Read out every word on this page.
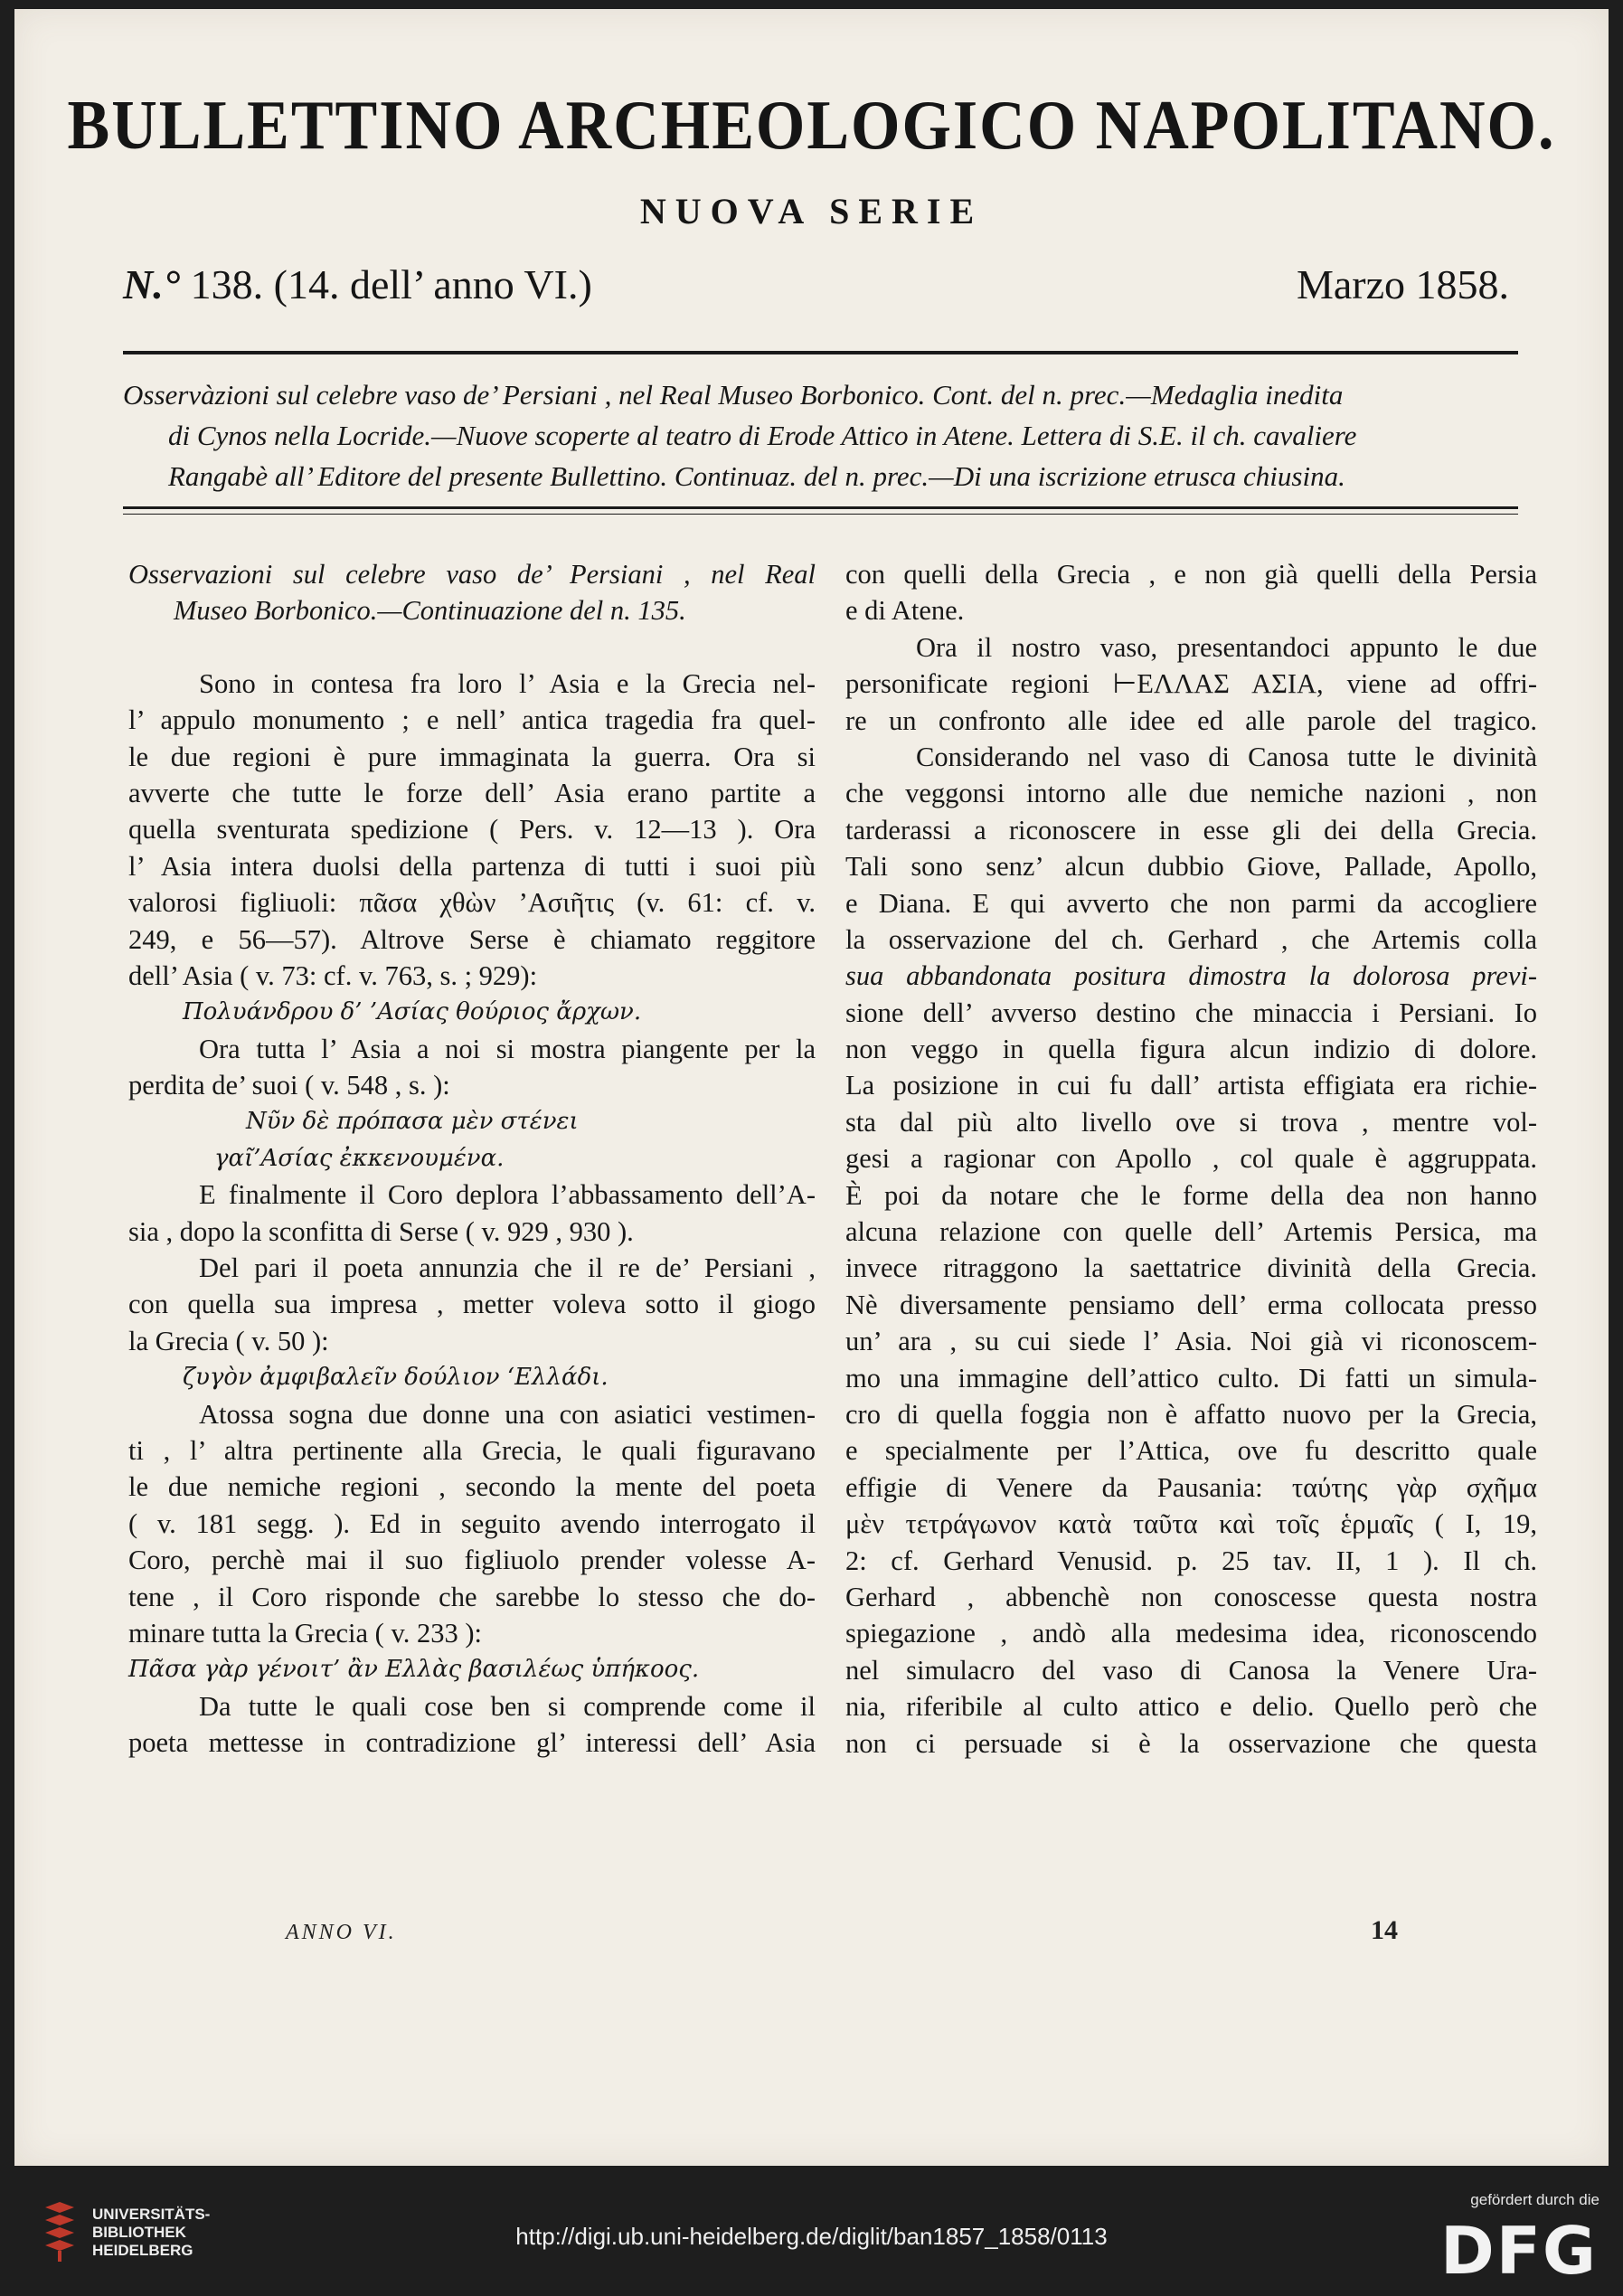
BULLETTINO ARCHEOLOGICO NAPOLITANO.
NUOVA SERIE
N.° 138. (14. dell’ anno VI.)	Marzo 1858.
Osservàzioni sul celebre vaso de’ Persiani , nel Real Museo Borbonico. Cont. del n. prec.—Medaglia inedita
di Cynos nella Locride.—Nuove scoperte al teatro di Erode Attico in Atene. Lettera di S.E. il ch. cavaliere
Rangabè all’ Editore del presente Bullettino. Continuaz. del n. prec.—Di una iscrizione etrusca chiusina.
Osservazioni sul celebre vaso de’ Persiani , nel Real
Museo Borbonico.—Continuazione del n. 135.
Sono in contesa fra loro l’ Asia e la Grecia nel-
l’ appulo monumento ; e nell’ antica tragedia fra quel-
le due regioni è pure immaginata la guerra. Ora si
avverte che tutte le forze dell’ Asia erano partite a
quella sventurata spedizione ( Pers. v. 12—13 ). Ora
l’ Asia intera duolsi della partenza di tutti i suoi più
valorosi figliuoli: πᾶσα χθὼν ’Ασιῆτις (v. 61: cf. v.
249, e 56—57). Altrove Serse è chiamato reggitore
dell’ Asia ( v. 73: cf. v. 763, s. ; 929):
Πολυάνδρου δ’ ’Ασίας θούριος ἄρχων.
Ora tutta l’ Asia a noi si mostra piangente per la
perdita de’ suoi ( v. 548 , s. ):
Νῦν δὲ πρόπασα μὲν στένει
γαῖ’Ασίας ἐκκενουμένα.
E finalmente il Coro deplora l’abbassamento dell’A-
sia , dopo la sconfitta di Serse ( v. 929 , 930 ).
Del pari il poeta annunzia che il re de’ Persiani ,
con quella sua impresa , metter voleva sotto il giogo
la Grecia ( v. 50 ):
ζυγὸν ἀμφιβαλεῖν δούλιον ‘Ελλάδι.
Atossa sogna due donne una con asiatici vestimen-
ti , l’ altra pertinente alla Grecia, le quali figuravano
le due nemiche regioni , secondo la mente del poeta
( v. 181 segg. ). Ed in seguito avendo interrogato il
Coro, perchè mai il suo figliuolo prender volesse A-
tene , il Coro risponde che sarebbe lo stesso che do-
minare tutta la Grecia ( v. 233 ):
Πᾶσα γὰρ γένοιτ’ ἂν Ελλὰς βασιλέως ὑπήκοος.
Da tutte le quali cose ben si comprende come il
poeta mettesse in contradizione gl’ interessi dell’ Asia
con quelli della Grecia , e non già quelli della Persia
e di Atene.
Ora il nostro vaso, presentandoci appunto le due
personificate regioni ⊢ΕΛΛΑΣ ΑΣΙΑ, viene ad offri-
re un confronto alle idee ed alle parole del tragico.
Considerando nel vaso di Canosa tutte le divinità
che veggonsi intorno alle due nemiche nazioni , non
tarderassi a riconoscere in esse gli dei della Grecia.
Tali sono senz’ alcun dubbio Giove, Pallade, Apollo,
e Diana. E qui avverto che non parmi da accogliere
la osservazione del ch. Gerhard , che Artemis colla
sua abbandonata positura dimostra la dolorosa previ-
sione dell’ avverso destino che minaccia i Persiani. Io
non veggo in quella figura alcun indizio di dolore.
La posizione in cui fu dall’ artista effigiata era richie-
sta dal più alto livello ove si trova , mentre vol-
gesi a ragionar con Apollo , col quale è aggruppata.
È poi da notare che le forme della dea non hanno
alcuna relazione con quelle dell’ Artemis Persica, ma
invece ritraggono la saettatrice divinità della Grecia.
Nè diversamente pensiamo dell’ erma collocata presso
un’ ara , su cui siede l’ Asia. Noi già vi riconoscem-
mo una immagine dell’attico culto. Di fatti un simula-
cro di quella foggia non è affatto nuovo per la Grecia,
e specialmente per l’Attica, ove fu descritto quale
effigie di Venere da Pausania: ταύτης γὰρ σχῆμα
μὲν τετράγωνον κατὰ ταῦτα καὶ τοῖς ἑρμαῖς ( I, 19,
2: cf. Gerhard Venusid. p. 25 tav. II, 1 ). Il ch.
Gerhard , abbenchè non conoscesse questa nostra
spiegazione , andò alla medesima idea, riconoscendo
nel simulacro del vaso di Canosa la Venere Ura-
nia, riferibile al culto attico e delio. Quello però che
non ci persuade si è la osservazione che questa
ANNO VI.	14
UNIVERSITÄTS-
BIBLIOTHEK
HEIDELBERG
http://digi.ub.uni-heidelberg.de/diglit/ban1857_1858/0113
gefördert durch die
DFG
